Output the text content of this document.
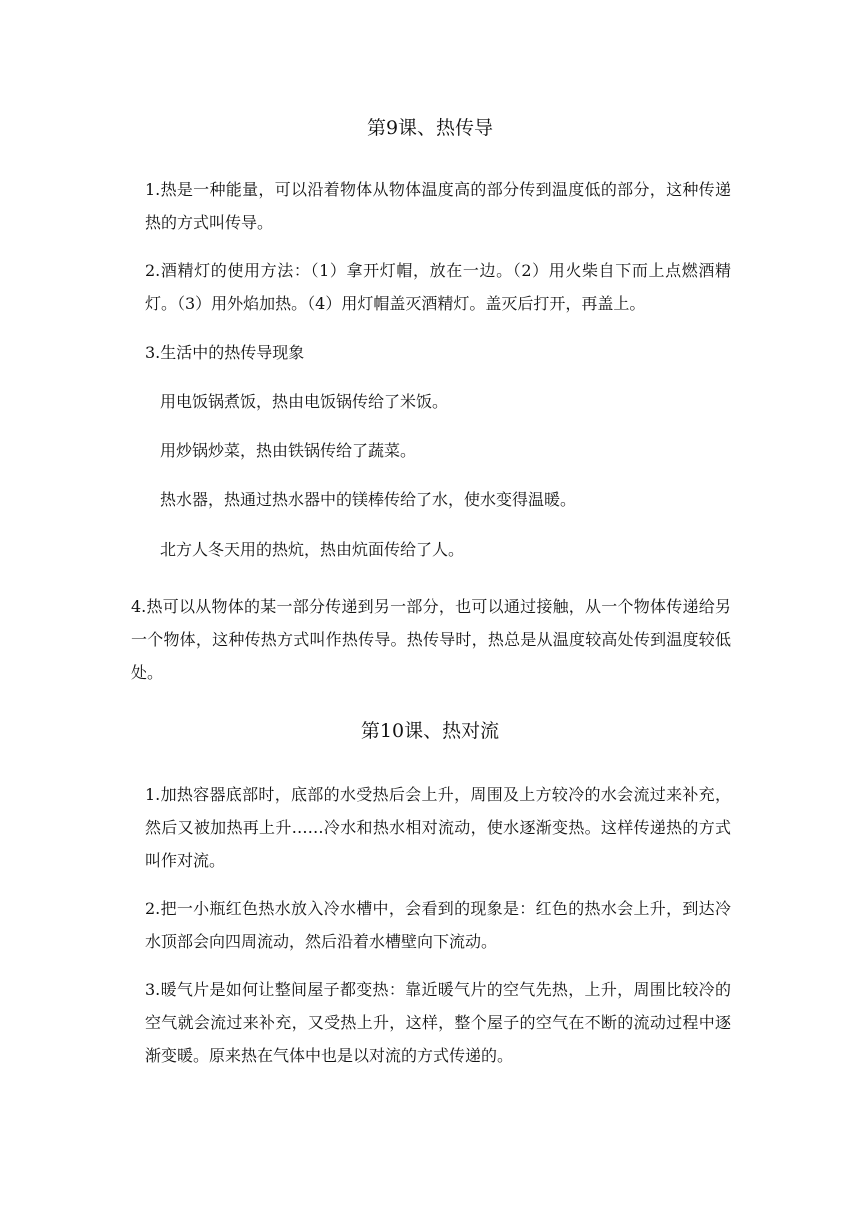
第9课、热传导
1.热是一种能量，可以沿着物体从物体温度高的部分传到温度低的部分，这种传递热的方式叫传导。
2.酒精灯的使用方法：（1）拿开灯帽，放在一边。（2）用火柴自下而上点燃酒精灯。（3）用外焰加热。（4）用灯帽盖灭酒精灯。盖灭后打开，再盖上。
3.生活中的热传导现象
用电饭锅煮饭，热由电饭锅传给了米饭。
用炒锅炒菜，热由铁锅传给了蔬菜。
热水器，热通过热水器中的镁棒传给了水，使水变得温暖。
北方人冬天用的热炕，热由炕面传给了人。
4.热可以从物体的某一部分传递到另一部分，也可以通过接触，从一个物体传递给另一个物体，这种传热方式叫作热传导。热传导时，热总是从温度较高处传到温度较低处。
第10课、热对流
1.加热容器底部时，底部的水受热后会上升，周围及上方较冷的水会流过来补充，然后又被加热再上升……冷水和热水相对流动，使水逐渐变热。这样传递热的方式叫作对流。
2.把一小瓶红色热水放入冷水槽中，会看到的现象是：红色的热水会上升，到达冷水顶部会向四周流动，然后沿着水槽壁向下流动。
3.暖气片是如何让整间屋子都变热：靠近暖气片的空气先热，上升，周围比较冷的空气就会流过来补充，又受热上升，这样，整个屋子的空气在不断的流动过程中逐渐变暖。原来热在气体中也是以对流的方式传递的。
